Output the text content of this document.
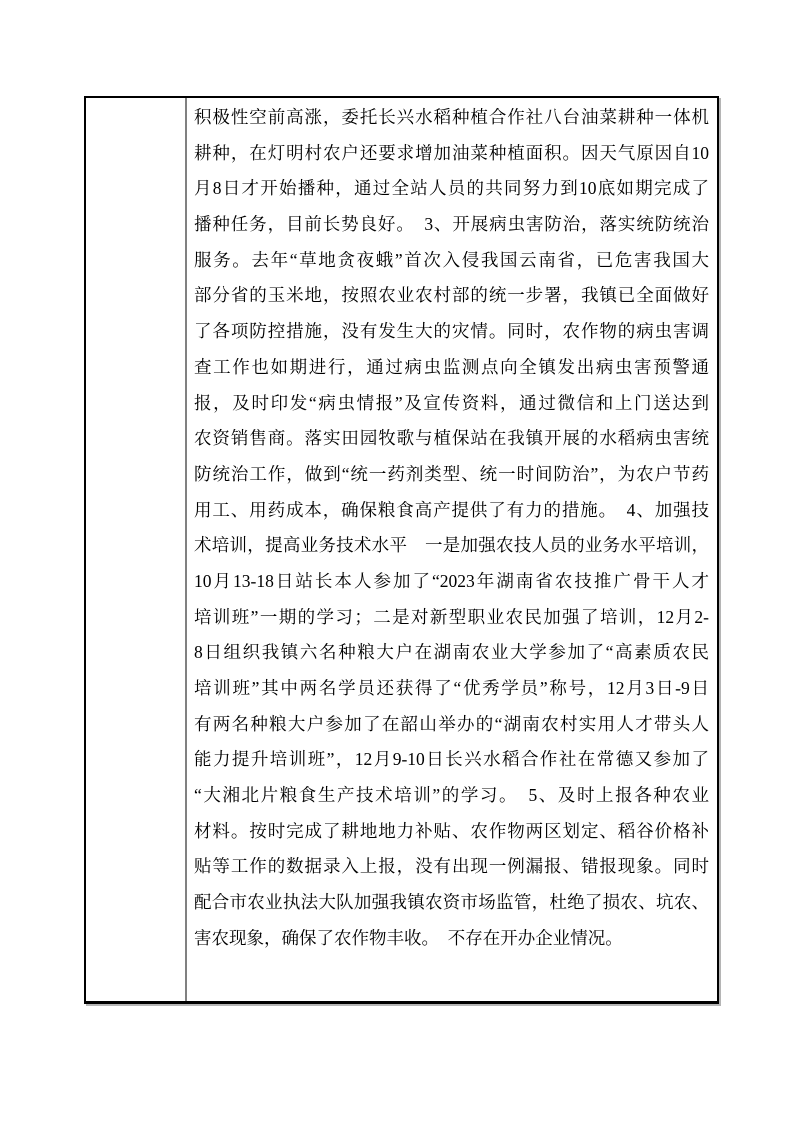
积极性空前高涨，委托长兴水稻种植合作社八台油菜耕种一体机
耕种，在灯明村农户还要求增加油菜种植面积。因天气原因自10
月8日才开始播种，通过全站人员的共同努力到10底如期完成了
播种任务，目前长势良好。　3、开展病虫害防治，落实统防统治
服务。去年“草地贪夜蛾”首次入侵我国云南省，已危害我国大
部分省的玉米地，按照农业农村部的统一步署，我镇已全面做好
了各项防控措施，没有发生大的灾情。同时，农作物的病虫害调
查工作也如期进行，通过病虫监测点向全镇发出病虫害预警通
报，及时印发“病虫情报”及宣传资料，通过微信和上门送达到
农资销售商。落实田园牧歌与植保站在我镇开展的水稻病虫害统
防统治工作，做到“统一药剂类型、统一时间防治”，为农户节药
用工、用药成本，确保粮食高产提供了有力的措施。　4、加强技
术培训，提高业务技术水平　一是加强农技人员的业务水平培训，
10月13-18日站长本人参加了“2023年湖南省农技推广骨干人才
培训班”一期的学习；二是对新型职业农民加强了培训，12月2-
8日组织我镇六名种粮大户在湖南农业大学参加了“高素质农民
培训班”其中两名学员还获得了“优秀学员”称号，12月3日-9日
有两名种粮大户参加了在韶山举办的“湖南农村实用人才带头人
能力提升培训班”，12月9-10日长兴水稻合作社在常德又参加了
“大湘北片粮食生产技术培训”的学习。　5、及时上报各种农业
材料。按时完成了耕地地力补贴、农作物两区划定、稻谷价格补
贴等工作的数据录入上报，没有出现一例漏报、错报现象。同时
配合市农业执法大队加强我镇农资市场监管，杜绝了损农、坑农、
害农现象，确保了农作物丰收。　不存在开办企业情况。
